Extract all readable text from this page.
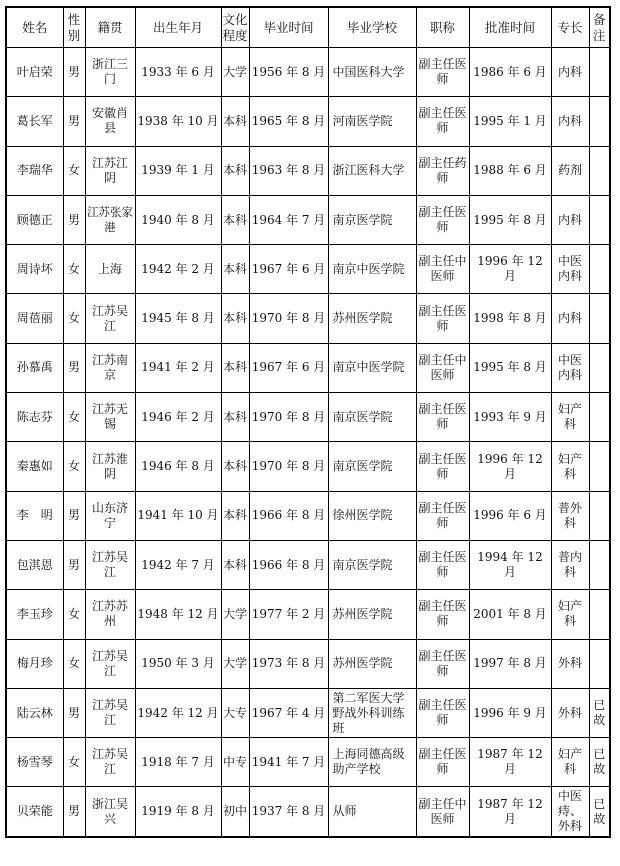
姓名	性别	籍贯	出生年月	文化程度	毕业时间	毕业学校	职称	批准时间	专长	备注
叶启荣	男	浙江三门	1933 年 6 月	大学	1956 年 8 月	中国医科大学	副主任医师	1986 年 6 月	内科	
葛长军	男	安徽肖县	1938 年 10 月	本科	1965 年 8 月	河南医学院	副主任医师	1995 年 1 月	内科	
李瑞华	女	江苏江阴	1939 年 1 月	本科	1963 年 8 月	浙江医科大学	副主任药师	1988 年 6 月	药剂	
顾德正	男	江苏张家港	1940 年 8 月	本科	1964 年 7 月	南京医学院	副主任医师	1995 年 8 月	内科	
周诗坏	女	上海	1942 年 2 月	本科	1967 年 6 月	南京中医学院	副主任中医师	1996 年 12 月	中医内科	
周蓓丽	女	江苏吴江	1945 年 8 月	本科	1970 年 8 月	苏州医学院	副主任医师	1998 年 8 月	内科	
孙慕禹	男	江苏南京	1941 年 2 月	本科	1967 年 6 月	南京中医学院	副主任中医师	1995 年 8 月	中医内科	
陈志芬	女	江苏无锡	1946 年 2 月	本科	1970 年 8 月	南京医学院	副主任医师	1993 年 9 月	妇产科	
秦惠如	女	江苏淮阴	1946 年 8 月	本科	1970 年 8 月	南京医学院	副主任医师	1996 年 12 月	妇产科	
李　明	男	山东济宁	1941 年 10 月	本科	1966 年 8 月	徐州医学院	副主任医师	1996 年 6 月	普外科	
包淇恩	男	江苏吴江	1942 年 7 月	本科	1966 年 8 月	南京医学院	副主任医师	1994 年 12 月	普内科	
李玉珍	女	江苏苏州	1948 年 12 月	大学	1977 年 2 月	苏州医学院	副主任医师	2001 年 8 月	妇产科	
梅月珍	女	江苏吴江	1950 年 3 月	大学	1973 年 8 月	苏州医学院	副主任医师	1997 年 8 月	外科	
陆云林	男	江苏吴江	1942 年 12 月	大专	1967 年 4 月	第二军医大学野战外科训练班	副主任医师	1996 年 9 月	外科	已故
杨雪琴	女	江苏吴江	1918 年 7 月	中专	1941 年 7 月	上海同德高级助产学校	副主任医师	1987 年 12 月	妇产科	已故
贝荣能	男	浙江吴兴	1919 年 8 月	初中	1937 年 8 月	从师	副主任中医师	1987 年 12 月	中医痔、外科	已故
